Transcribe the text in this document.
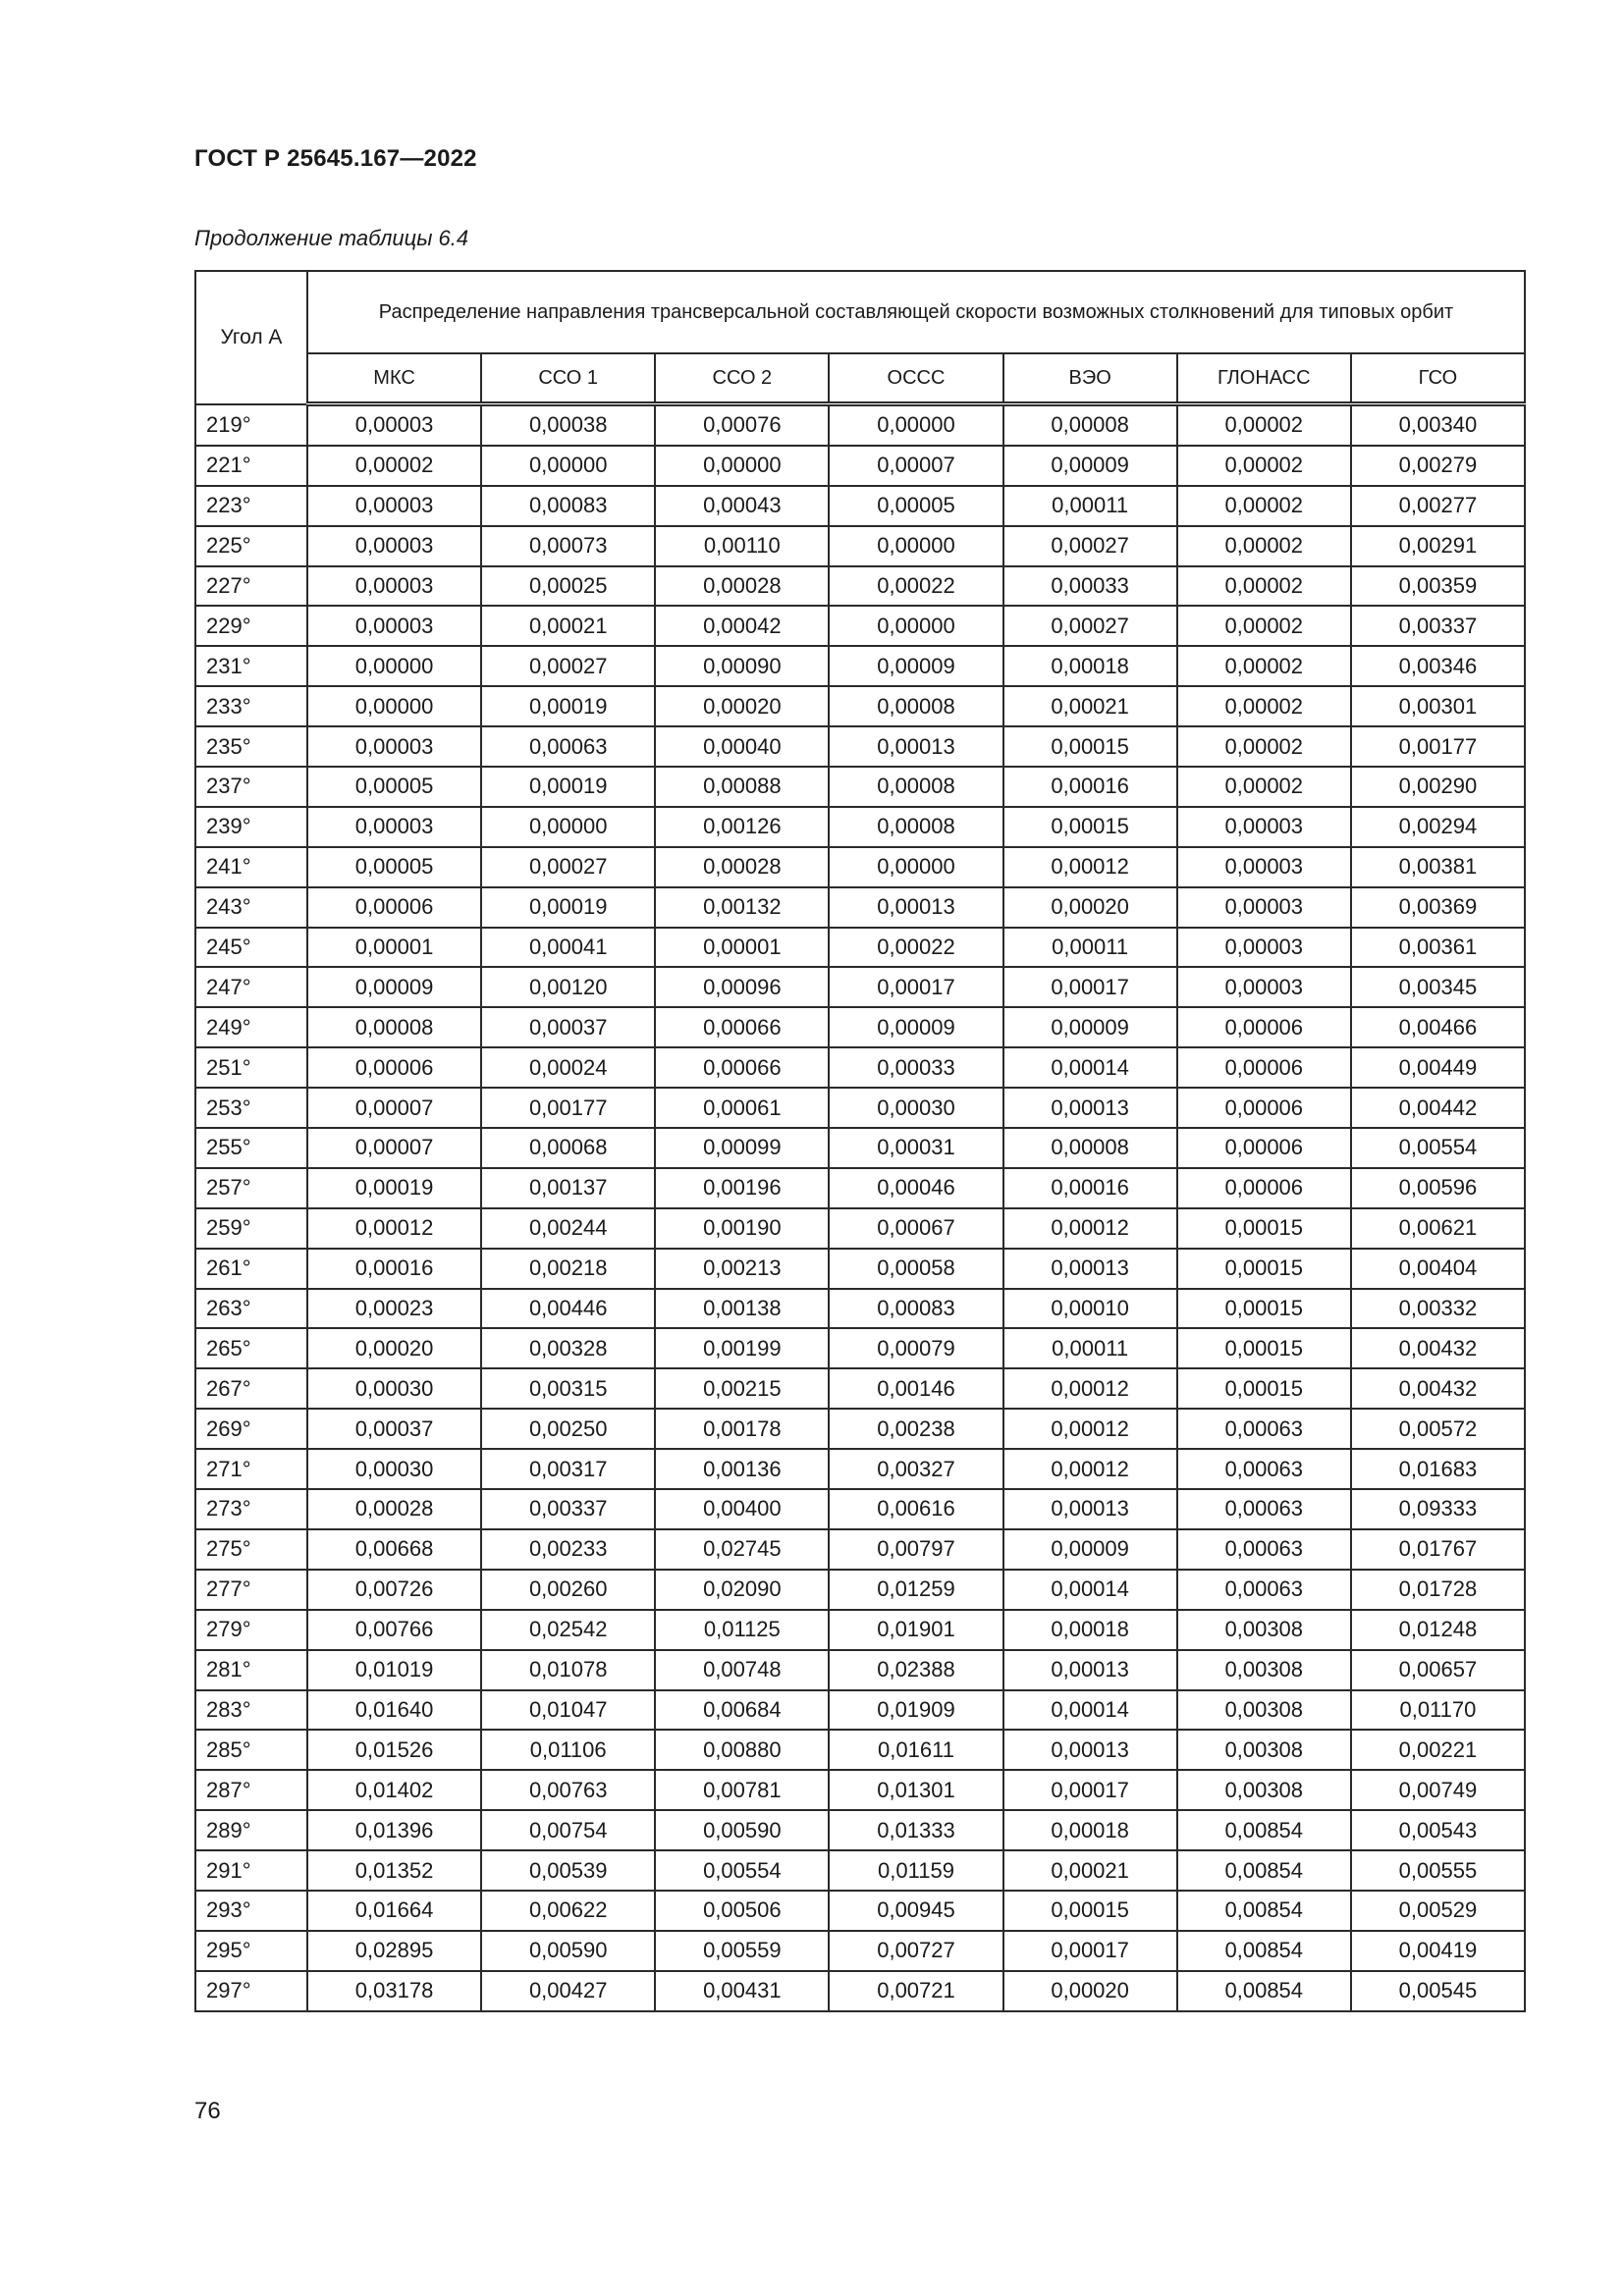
ГОСТ Р 25645.167—2022
Продолжение таблицы 6.4
Угол А	Распределение направления трансверсальной составляющей скорости возможных столкновений для типовых орбит						
	МКС	ССО 1	ССО 2	ОССС	ВЭО	ГЛОНАСС	ГСО
219°	0,00003	0,00038	0,00076	0,00000	0,00008	0,00002	0,00340
221°	0,00002	0,00000	0,00000	0,00007	0,00009	0,00002	0,00279
223°	0,00003	0,00083	0,00043	0,00005	0,00011	0,00002	0,00277
225°	0,00003	0,00073	0,00110	0,00000	0,00027	0,00002	0,00291
227°	0,00003	0,00025	0,00028	0,00022	0,00033	0,00002	0,00359
229°	0,00003	0,00021	0,00042	0,00000	0,00027	0,00002	0,00337
231°	0,00000	0,00027	0,00090	0,00009	0,00018	0,00002	0,00346
233°	0,00000	0,00019	0,00020	0,00008	0,00021	0,00002	0,00301
235°	0,00003	0,00063	0,00040	0,00013	0,00015	0,00002	0,00177
237°	0,00005	0,00019	0,00088	0,00008	0,00016	0,00002	0,00290
239°	0,00003	0,00000	0,00126	0,00008	0,00015	0,00003	0,00294
241°	0,00005	0,00027	0,00028	0,00000	0,00012	0,00003	0,00381
243°	0,00006	0,00019	0,00132	0,00013	0,00020	0,00003	0,00369
245°	0,00001	0,00041	0,00001	0,00022	0,00011	0,00003	0,00361
247°	0,00009	0,00120	0,00096	0,00017	0,00017	0,00003	0,00345
249°	0,00008	0,00037	0,00066	0,00009	0,00009	0,00006	0,00466
251°	0,00006	0,00024	0,00066	0,00033	0,00014	0,00006	0,00449
253°	0,00007	0,00177	0,00061	0,00030	0,00013	0,00006	0,00442
255°	0,00007	0,00068	0,00099	0,00031	0,00008	0,00006	0,00554
257°	0,00019	0,00137	0,00196	0,00046	0,00016	0,00006	0,00596
259°	0,00012	0,00244	0,00190	0,00067	0,00012	0,00015	0,00621
261°	0,00016	0,00218	0,00213	0,00058	0,00013	0,00015	0,00404
263°	0,00023	0,00446	0,00138	0,00083	0,00010	0,00015	0,00332
265°	0,00020	0,00328	0,00199	0,00079	0,00011	0,00015	0,00432
267°	0,00030	0,00315	0,00215	0,00146	0,00012	0,00015	0,00432
269°	0,00037	0,00250	0,00178	0,00238	0,00012	0,00063	0,00572
271°	0,00030	0,00317	0,00136	0,00327	0,00012	0,00063	0,01683
273°	0,00028	0,00337	0,00400	0,00616	0,00013	0,00063	0,09333
275°	0,00668	0,00233	0,02745	0,00797	0,00009	0,00063	0,01767
277°	0,00726	0,00260	0,02090	0,01259	0,00014	0,00063	0,01728
279°	0,00766	0,02542	0,01125	0,01901	0,00018	0,00308	0,01248
281°	0,01019	0,01078	0,00748	0,02388	0,00013	0,00308	0,00657
283°	0,01640	0,01047	0,00684	0,01909	0,00014	0,00308	0,01170
285°	0,01526	0,01106	0,00880	0,01611	0,00013	0,00308	0,00221
287°	0,01402	0,00763	0,00781	0,01301	0,00017	0,00308	0,00749
289°	0,01396	0,00754	0,00590	0,01333	0,00018	0,00854	0,00543
291°	0,01352	0,00539	0,00554	0,01159	0,00021	0,00854	0,00555
293°	0,01664	0,00622	0,00506	0,00945	0,00015	0,00854	0,00529
295°	0,02895	0,00590	0,00559	0,00727	0,00017	0,00854	0,00419
297°	0,03178	0,00427	0,00431	0,00721	0,00020	0,00854	0,00545
76
